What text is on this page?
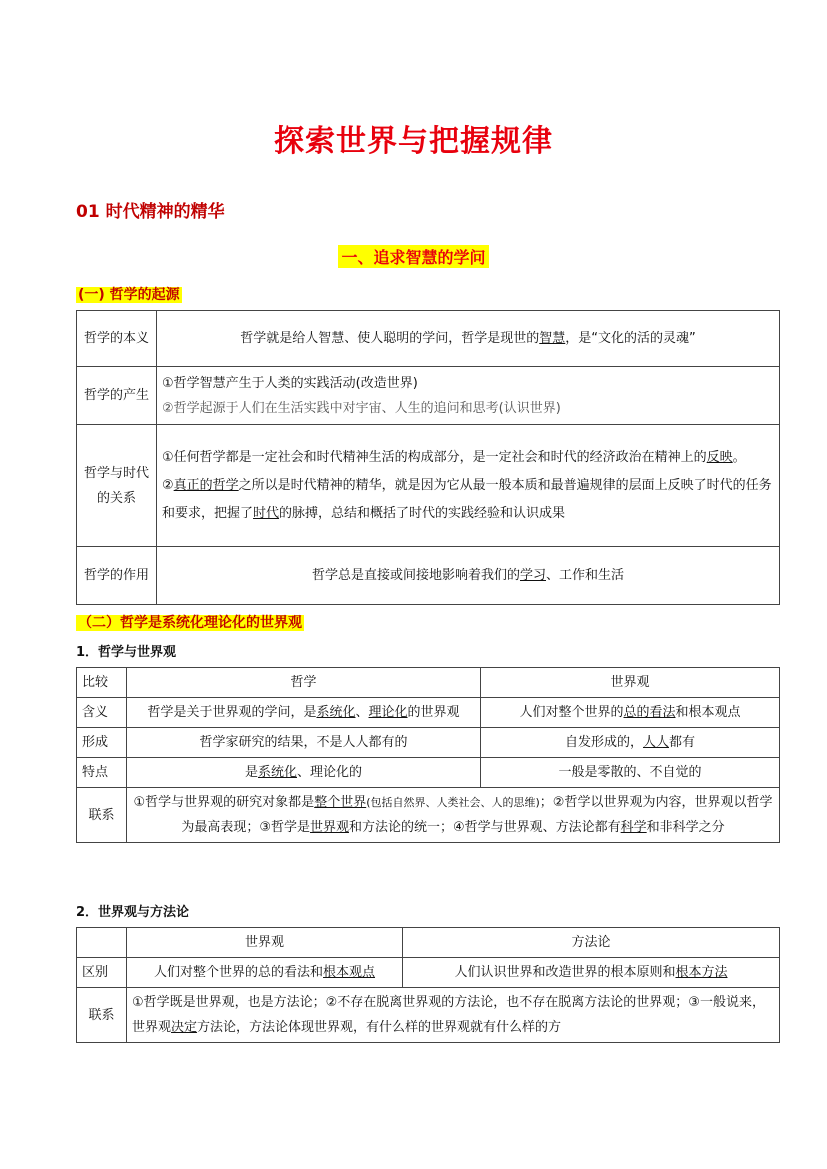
探索世界与把握规律
01 时代精神的精华
一、追求智慧的学问
(一) 哲学的起源
哲学的本义	哲学就是给人智慧、使人聪明的学问，哲学是现世的智慧，是“文化的活的灵魂”
哲学的产生	①哲学智慧产生于人类的实践活动(改造世界)
②哲学起源于人们在生活实践中对宇宙、人生的追问和思考(认识世界)

哲学与时代的关系	①任何哲学都是一定社会和时代精神生活的构成部分，是一定社会和时代的经济政治在精神上的反映。
②真正的哲学之所以是时代精神的精华，就是因为它从最一般本质和最普遍规律的层面上反映了时代的任务和要求，把握了时代的脉搏，总结和概括了时代的实践经验和认识成果

哲学的作用	哲学总是直接或间接地影响着我们的学习、工作和生活
（二）哲学是系统化理论化的世界观
1．哲学与世界观
比较	哲学	世界观
含义	哲学是关于世界观的学问，是系统化、理论化的世界观	人们对整个世界的总的看法和根本观点
形成	哲学家研究的结果，不是人人都有的	自发形成的，人人都有
特点	是系统化、理论化的	一般是零散的、不自觉的
联系	①哲学与世界观的研究对象都是整个世界(包括自然界、人类社会、人的思维)；②哲学以世界观为内容，世界观以哲学为最高表现；③哲学是世界观和方法论的统一；④哲学与世界观、方法论都有科学和非科学之分	
2．世界观与方法论
	世界观	方法论
区别	人们对整个世界的总的看法和根本观点	人们认识世界和改造世界的根本原则和根本方法
联系	①哲学既是世界观，也是方法论；②不存在脱离世界观的方法论，也不存在脱离方法论的世界观；③一般说来，世界观决定方法论，方法论体现世界观，有什么样的世界观就有什么样的方	
